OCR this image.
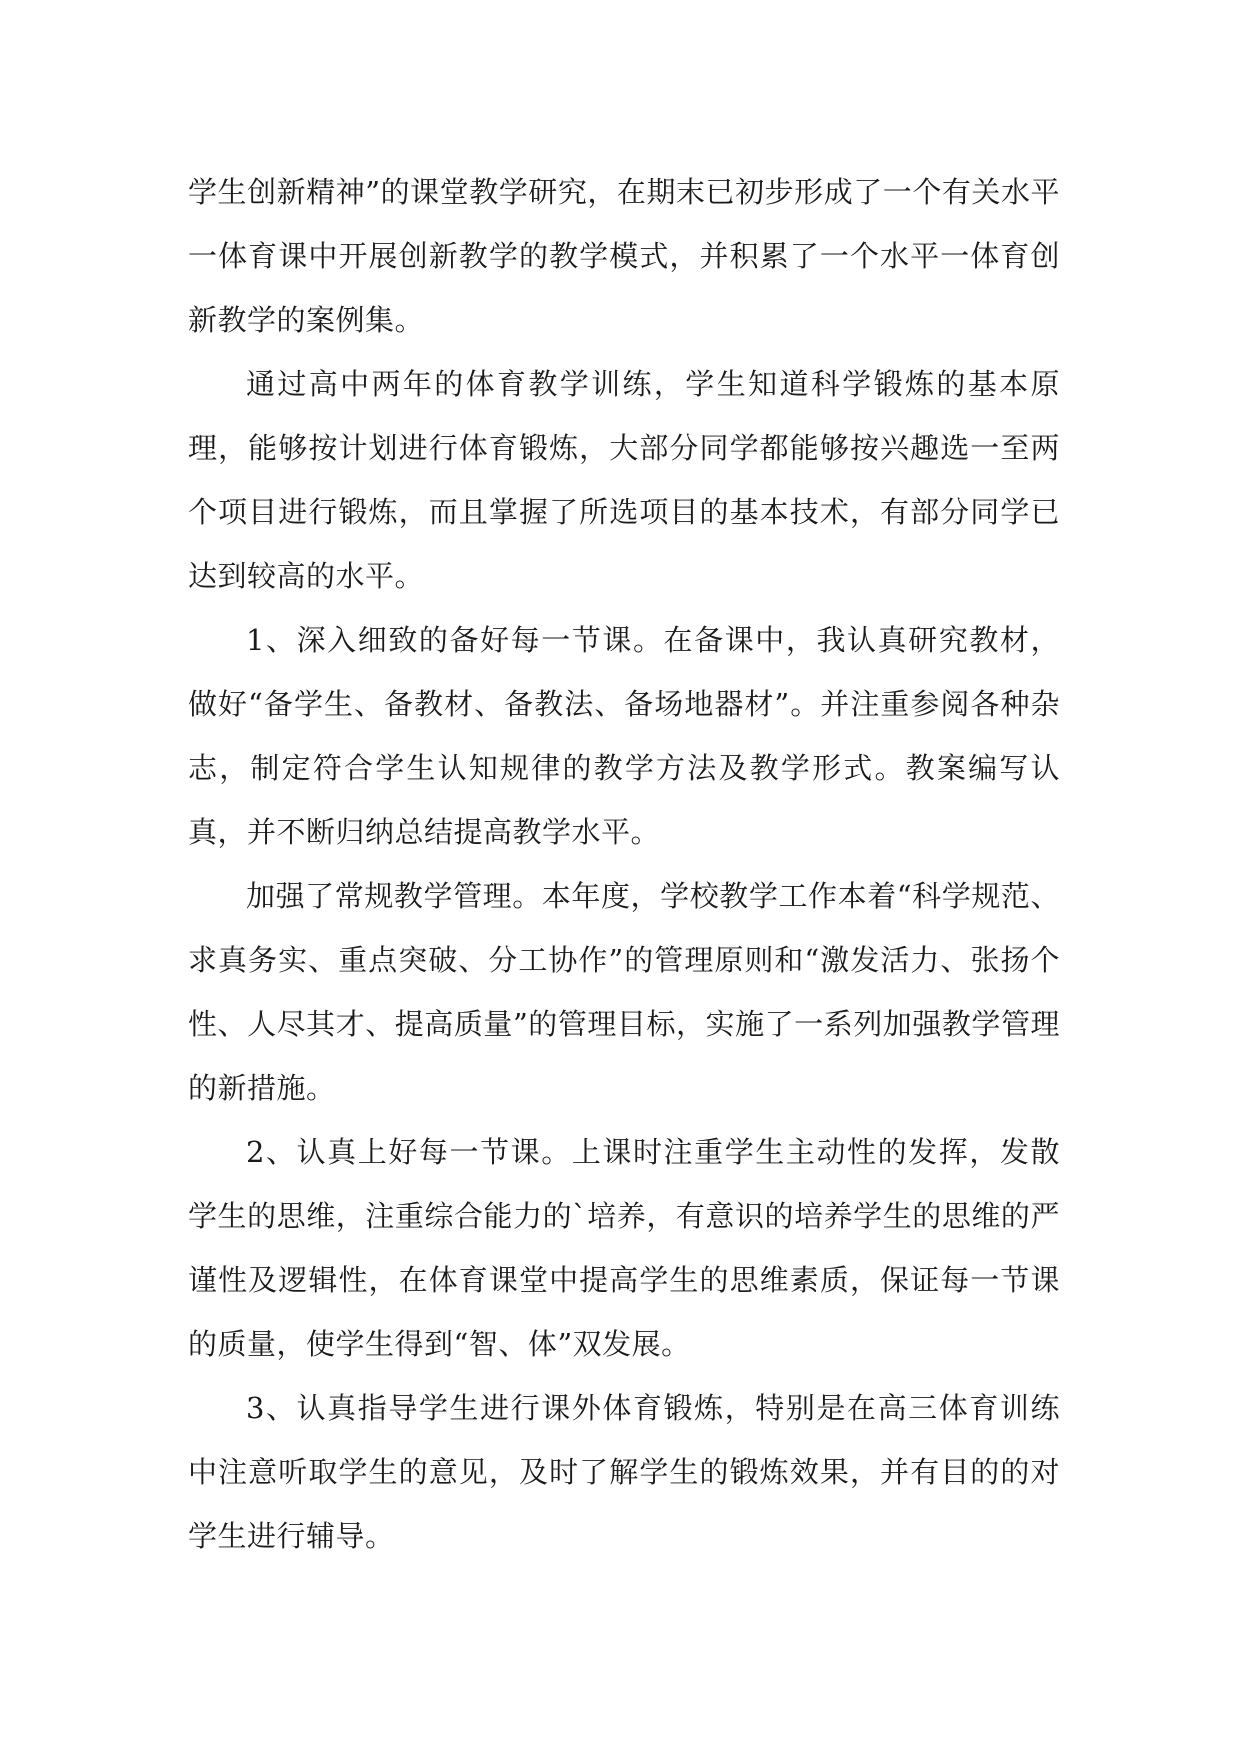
学生创新精神”的课堂教学研究，在期末已初步形成了一个有关水平一体育课中开展创新教学的教学模式，并积累了一个水平一体育创新教学的案例集。

通过高中两年的体育教学训练，学生知道科学锻炼的基本原理，能够按计划进行体育锻炼，大部分同学都能够按兴趣选一至两个项目进行锻炼，而且掌握了所选项目的基本技术，有部分同学已达到较高的水平。

1、深入细致的备好每一节课。在备课中，我认真研究教材，做好“备学生、备教材、备教法、备场地器材”。并注重参阅各种杂志，制定符合学生认知规律的教学方法及教学形式。教案编写认真，并不断归纳总结提高教学水平。

加强了常规教学管理。本年度，学校教学工作本着“科学规范、求真务实、重点突破、分工协作”的管理原则和“激发活力、张扬个性、人尽其才、提高质量”的管理目标，实施了一系列加强教学管理的新措施。

2、认真上好每一节课。上课时注重学生主动性的发挥，发散学生的思维，注重综合能力的`培养，有意识的培养学生的思维的严谨性及逻辑性，在体育课堂中提高学生的思维素质，保证每一节课的质量，使学生得到“智、体”双发展。

3、认真指导学生进行课外体育锻炼，特别是在高三体育训练中注意听取学生的意见，及时了解学生的锻炼效果，并有目的的对学生进行辅导。
